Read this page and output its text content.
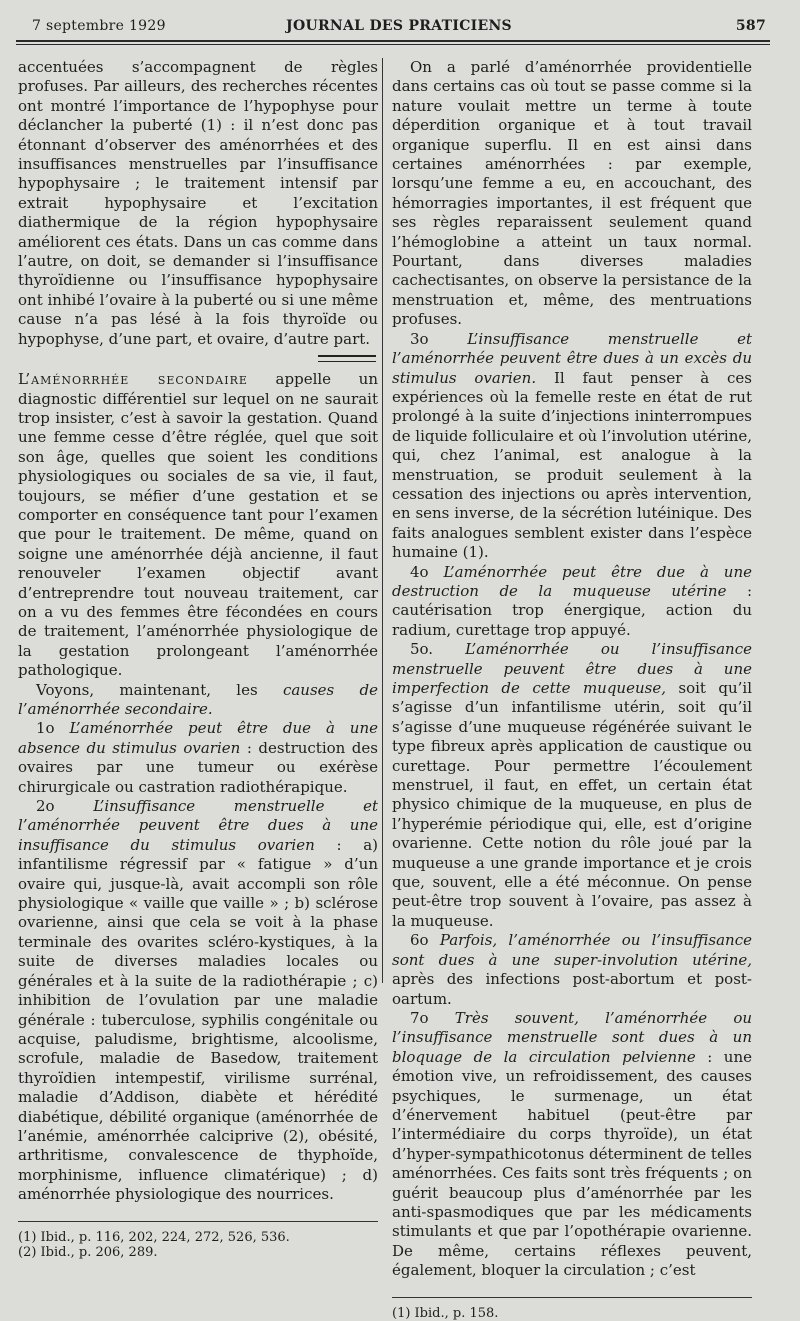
7 septembre 1929	JOURNAL DES PRATICIENS	587

accentuées s’accompagnent de règles profuses. Par ailleurs, des recherches récentes ont montré l’importance de l’hypophyse pour déclancher la puberté (1) : il n’est donc pas étonnant d’observer des aménorrhées et des insuffisances menstruelles par l’insuffisance hypophysaire ; le traitement intensif par extrait hypophysaire et l’excitation diathermique de la région hypophysaire améliorent ces états. Dans un cas comme dans l’autre, on doit, se demander si l’insuffisance thyroïdienne ou l’insuffisance hypophysaire ont inhibé l’ovaire à la puberté ou si une même cause n’a pas lésé à la fois thyroïde ou hypophyse, d’une part, et ovaire, d’autre part.

L’aménorrhée secondaire appelle un diagnostic différentiel sur lequel on ne saurait trop insister, c’est à savoir la gestation. Quand une femme cesse d’être réglée, quel que soit son âge, quelles que soient les conditions physiologiques ou sociales de sa vie, il faut, toujours, se méfier d’une gestation et se comporter en conséquence tant pour l’examen que pour le traitement. De même, quand on soigne une aménorrhée déjà ancienne, il faut renouveler l’examen objectif avant d’entreprendre tout nouveau traitement, car on a vu des femmes être fécondées en cours de traitement, l’aménorrhée physiologique de la gestation prolongeant l’aménorrhée pathologique.

Voyons, maintenant, les causes de l’aménorrhée secondaire.

1o L’aménorrhée peut être due à une absence du stimulus ovarien : destruction des ovaires par une tumeur ou exérèse chirurgicale ou castration radiothérapique.

2o L’insuffisance menstruelle et l’aménorrhée peuvent être dues à une insuffisance du stimulus ovarien : a) infantilisme régressif par « fatigue » d’un ovaire qui, jusque-là, avait accompli son rôle physiologique « vaille que vaille » ; b) sclérose ovarienne, ainsi que cela se voit à la phase terminale des ovarites scléro-kystiques, à la suite de diverses maladies locales ou générales et à la suite de la radiothérapie ; c) inhibition de l’ovulation par une maladie générale : tuberculose, syphilis congénitale ou acquise, paludisme, brightisme, alcoolisme, scrofule, maladie de Basedow, traitement thyroïdien intempestif, virilisme surrénal, maladie d’Addison, diabète et hérédité diabétique, débilité organique (aménorrhée de l’anémie, aménorrhée calciprive (2), obésité, arthritisme, convalescence de thyphoïde, morphinisme, influence climatérique) ; d) aménorrhée physiologique des nourrices.

(1) Ibid., p. 116, 202, 224, 272, 526, 536.

(2) Ibid., p. 206, 289.

On a parlé d’aménorrhée providentielle dans certains cas où tout se passe comme si la nature voulait mettre un terme à toute déperdition organique et à tout travail organique superflu. Il en est ainsi dans certaines aménorrhées : par exemple, lorsqu’une femme a eu, en accouchant, des hémorragies importantes, il est fréquent que ses règles reparaissent seulement quand l’hémoglobine a atteint un taux normal. Pourtant, dans diverses maladies cachectisantes, on observe la persistance de la menstruation et, même, des mentruations profuses.

3o L’insuffisance menstruelle et l’aménorrhée peuvent être dues à un excès du stimulus ovarien. Il faut penser à ces expériences où la femelle reste en état de rut prolongé à la suite d’injections ininterrompues de liquide folliculaire et où l’involution utérine, qui, chez l’animal, est analogue à la menstruation, se produit seulement à la cessation des injections ou après intervention, en sens inverse, de la sécrétion lutéinique. Des faits analogues semblent exister dans l’espèce humaine (1).

4o L’aménorrhée peut être due à une destruction de la muqueuse utérine : cautérisation trop énergique, action du radium, curettage trop appuyé.

5o. L’aménorrhée ou l’insuffisance menstruelle peuvent être dues à une imperfection de cette muqueuse, soit qu’il s’agisse d’un infantilisme utérin, soit qu’il s’agisse d’une muqueuse régénérée suivant le type fibreux après application de caustique ou curettage. Pour permettre l’écoulement menstruel, il faut, en effet, un certain état physico chimique de la muqueuse, en plus de l’hyperémie périodique qui, elle, est d’origine ovarienne. Cette notion du rôle joué par la muqueuse a une grande importance et je crois que, souvent, elle a été méconnue. On pense peut-être trop souvent à l’ovaire, pas assez à la muqueuse.

6o Parfois, l’aménorrhée ou l’insuffisance sont dues à une super-involution utérine, après des infections post-abortum et post-oartum.

7o Très souvent, l’aménorrhée ou l’insuffisance menstruelle sont dues à un bloquage de la circulation pelvienne : une émotion vive, un refroidissement, des causes psychiques, le surmenage, un état d’énervement habituel (peut-être par l’intermédiaire du corps thyroïde), un état d’hyper-sympathicotonus déterminent de telles aménorrhées. Ces faits sont très fréquents ; on guérit beaucoup plus d’aménorrhée par les anti-spasmodiques que par les médicaments stimulants et que par l’opothérapie ovarienne. De même, certains réflexes peuvent, également, bloquer la circulation ; c’est

(1) Ibid., p. 158.
